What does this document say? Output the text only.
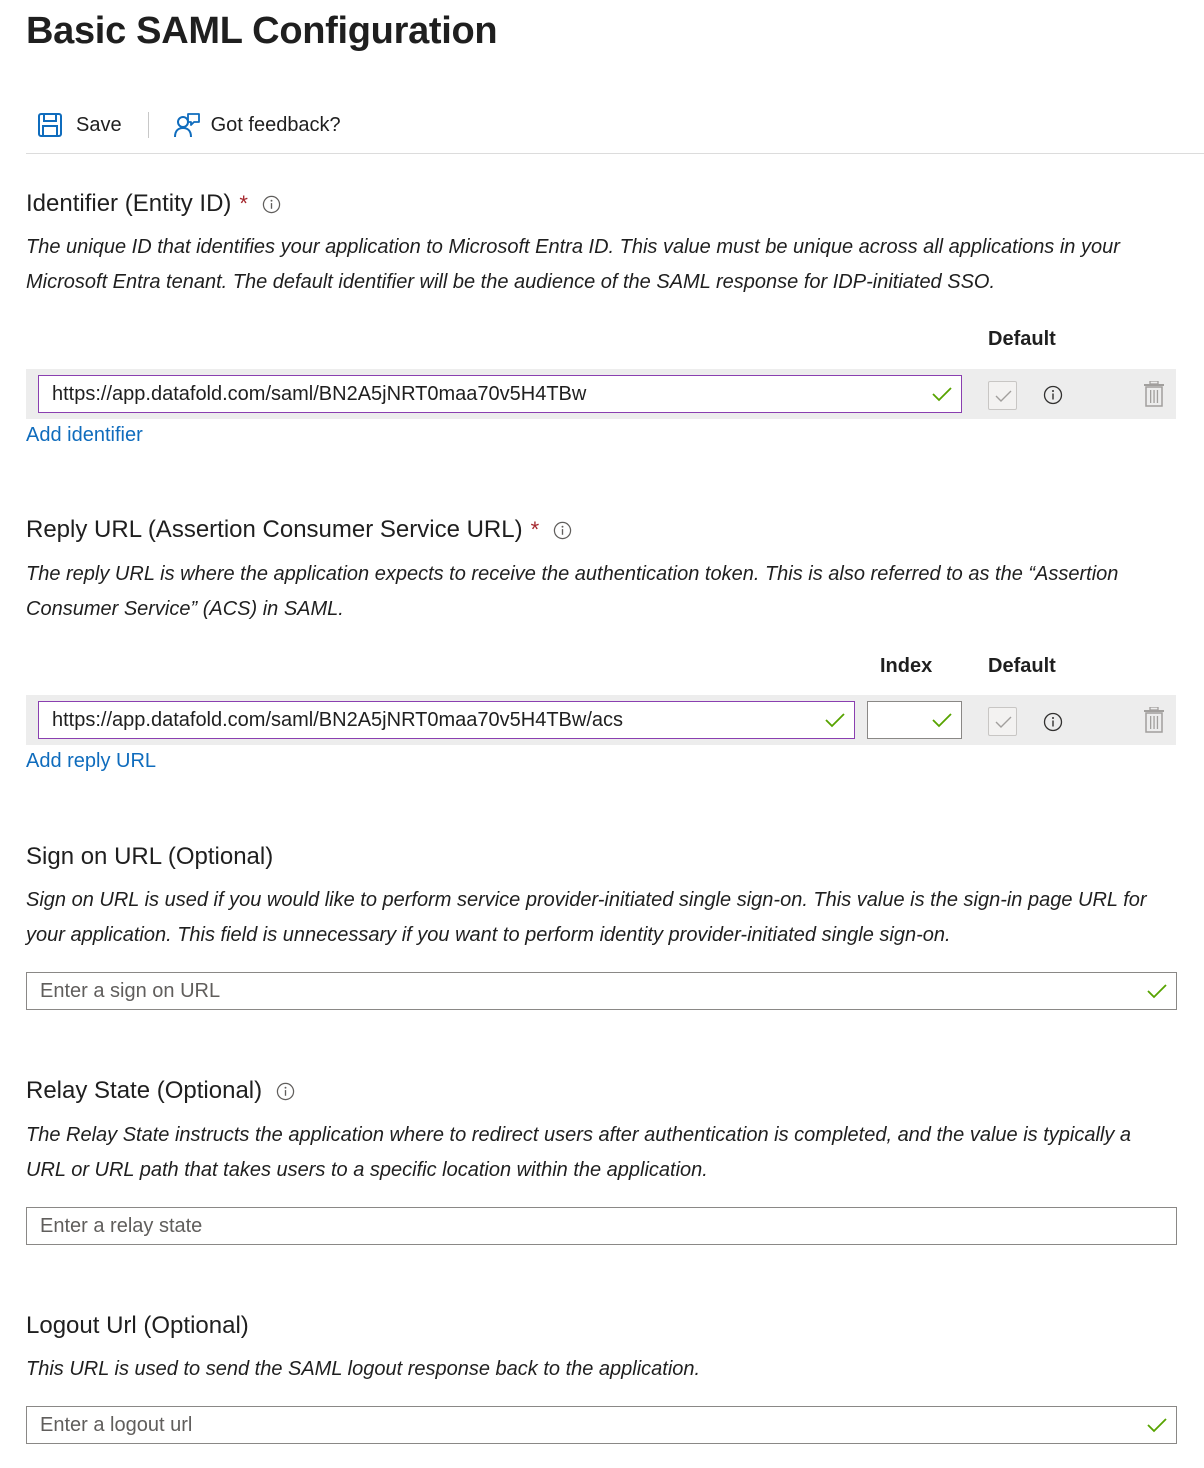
Basic SAML Configuration
Save	Got feedback?
Identifier (Entity ID) *
The unique ID that identifies your application to Microsoft Entra ID. This value must be unique across all applications in your Microsoft Entra tenant. The default identifier will be the audience of the SAML response for IDP-initiated SSO.
Default
https://app.datafold.com/saml/BN2A5jNRT0maa70v5H4TBw
Add identifier
Reply URL (Assertion Consumer Service URL) *
The reply URL is where the application expects to receive the authentication token. This is also referred to as the “Assertion Consumer Service” (ACS) in SAML.
Index	Default
https://app.datafold.com/saml/BN2A5jNRT0maa70v5H4TBw/acs
Add reply URL
Sign on URL (Optional)
Sign on URL is used if you would like to perform service provider-initiated single sign-on. This value is the sign-in page URL for your application. This field is unnecessary if you want to perform identity provider-initiated single sign-on.
Enter a sign on URL
Relay State (Optional)
The Relay State instructs the application where to redirect users after authentication is completed, and the value is typically a URL or URL path that takes users to a specific location within the application.
Enter a relay state
Logout Url (Optional)
This URL is used to send the SAML logout response back to the application.
Enter a logout url
